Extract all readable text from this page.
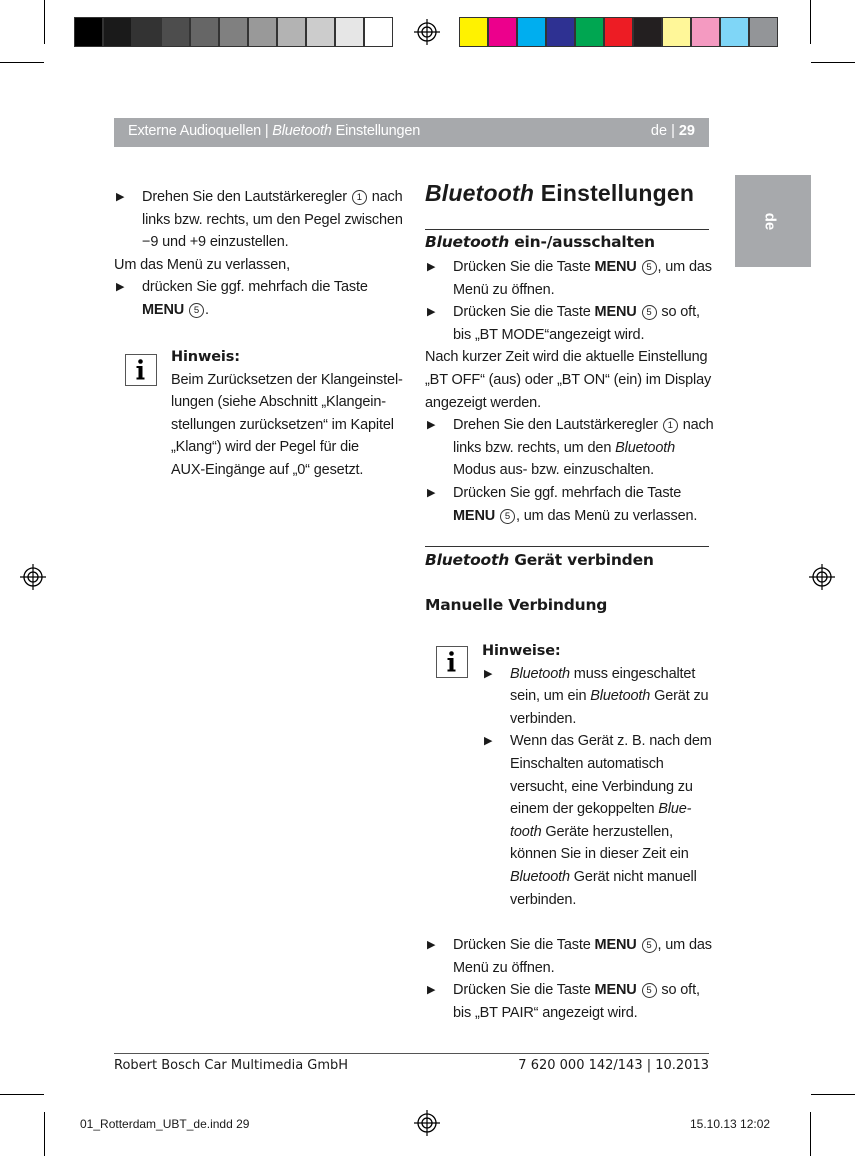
Externe Audioquellen | Bluetooth Einstellungen	de | 29
de
▶ Drehen Sie den Lautstärkeregler 1 nach
links bzw. rechts, um den Pegel zwischen
−9 und +9 einzustellen.
Um das Menü zu verlassen,
▶ drücken Sie ggf. mehrfach die Taste
MENU 5 .
Hinweis:
Beim Zurücksetzen der Klangeinstel-
lungen (siehe Abschnitt „Klangein-
stellungen zurücksetzen“ im Kapitel
„Klang“) wird der Pegel für die
AUX-Eingänge auf „0“ gesetzt.
Bluetooth Einstellungen
Bluetooth ein-/ausschalten
▶ Drücken Sie die Taste MENU 5 , um das
Menü zu öffnen.
▶ Drücken Sie die Taste MENU 5 so oft,
bis „BT MODE“angezeigt wird.
Nach kurzer Zeit wird die aktuelle Einstellung
„BT OFF“ (aus) oder „BT ON“ (ein) im Display
angezeigt werden.
▶ Drehen Sie den Lautstärkeregler 1 nach
links bzw. rechts, um den Bluetooth
Modus aus- bzw. einzuschalten.
▶ Drücken Sie ggf. mehrfach die Taste
MENU 5 , um das Menü zu verlassen.
Bluetooth Gerät verbinden
Manuelle Verbindung
Hinweise:
▶ Bluetooth muss eingeschaltet
sein, um ein Bluetooth Gerät zu
verbinden.
▶ Wenn das Gerät z. B. nach dem
Einschalten automatisch
versucht, eine Verbindung zu
einem der gekoppelten Blue-
tooth Geräte herzustellen,
können Sie in dieser Zeit ein
Bluetooth Gerät nicht manuell
verbinden.
▶ Drücken Sie die Taste MENU 5 , um das
Menü zu öffnen.
▶ Drücken Sie die Taste MENU 5 so oft,
bis „BT PAIR“ angezeigt wird.
Robert Bosch Car Multimedia GmbH	7 620 000 142/143 | 10.2013
01_Rotterdam_UBT_de.indd 29	15.10.13 12:02
